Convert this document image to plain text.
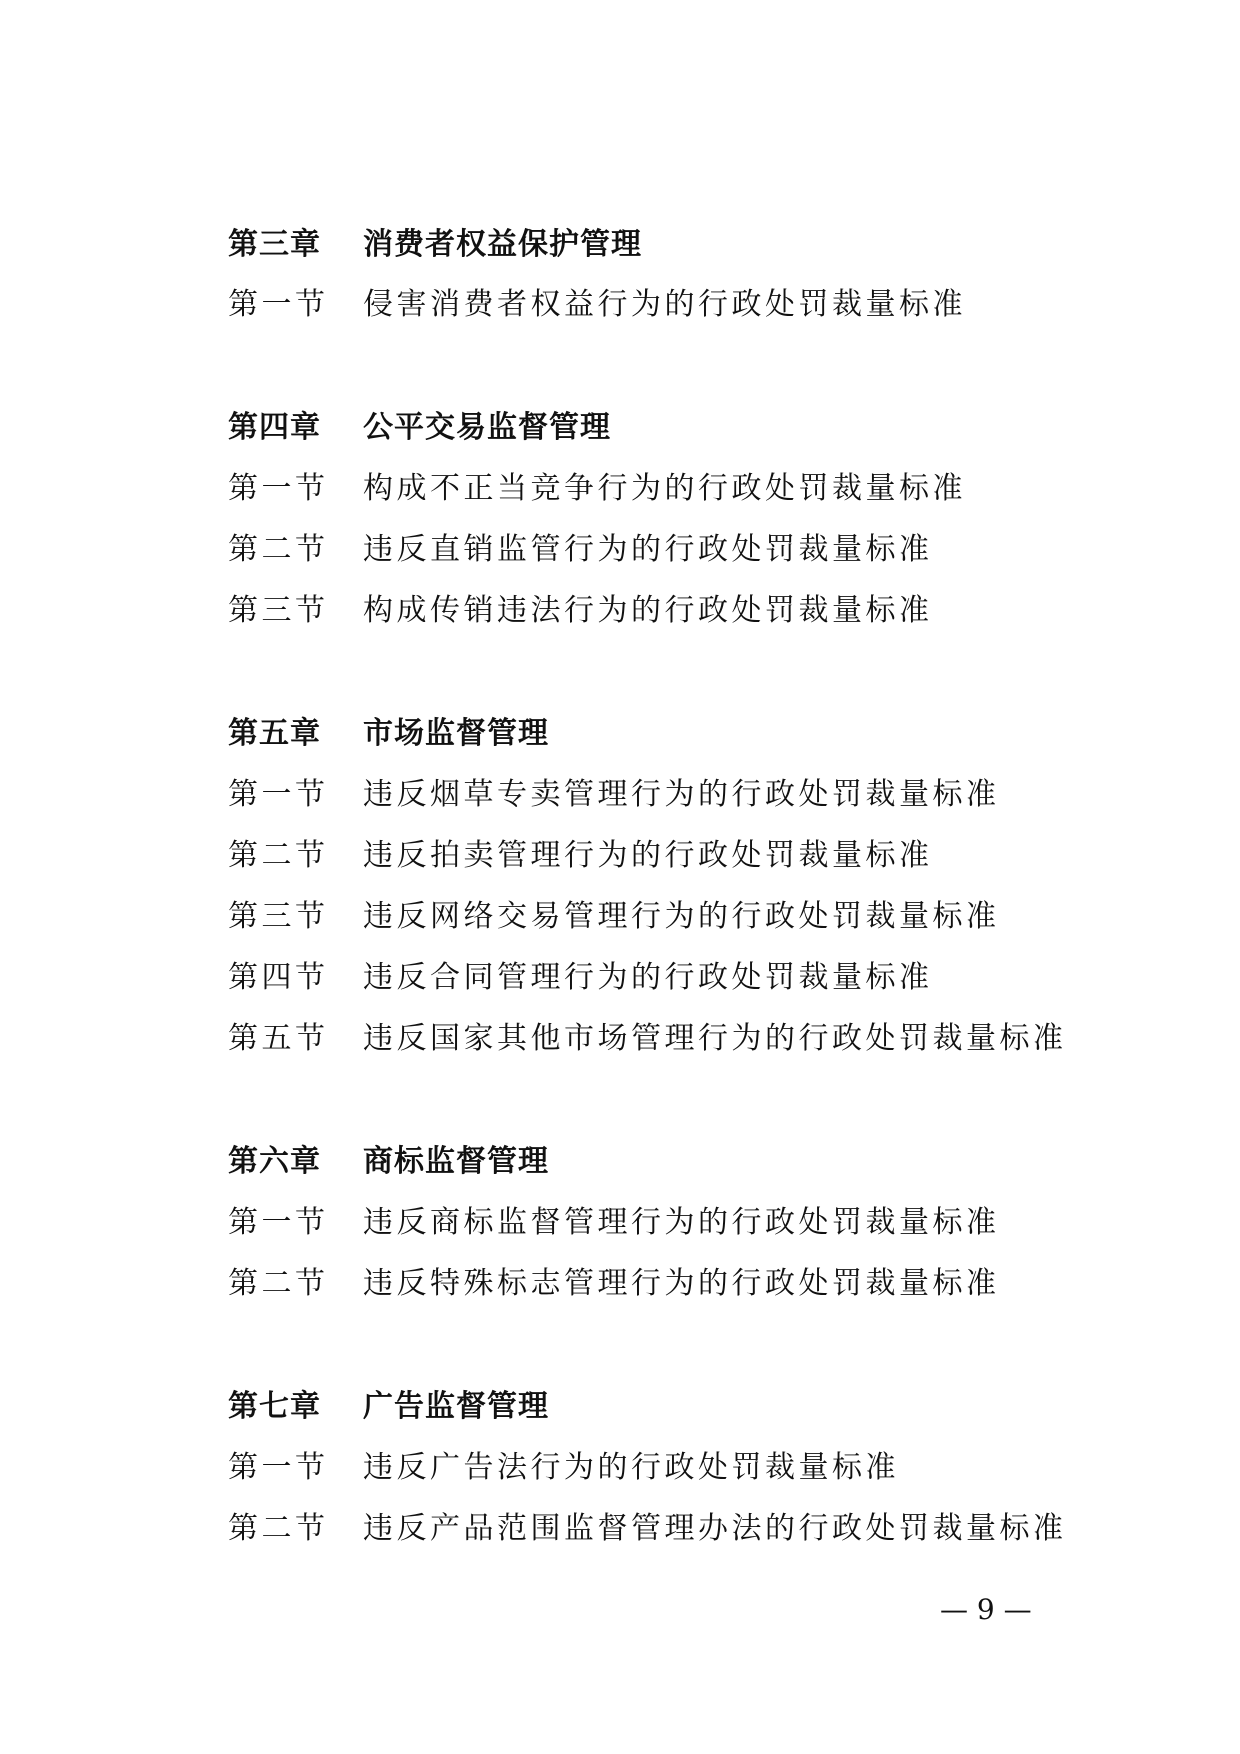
第三章 消费者权益保护管理
第一节 侵害消费者权益行为的行政处罚裁量标准
第四章 公平交易监督管理
第一节 构成不正当竞争行为的行政处罚裁量标准
第二节 违反直销监管行为的行政处罚裁量标准
第三节 构成传销违法行为的行政处罚裁量标准
第五章 市场监督管理
第一节 违反烟草专卖管理行为的行政处罚裁量标准
第二节 违反拍卖管理行为的行政处罚裁量标准
第三节 违反网络交易管理行为的行政处罚裁量标准
第四节 违反合同管理行为的行政处罚裁量标准
第五节 违反国家其他市场管理行为的行政处罚裁量标准
第六章 商标监督管理
第一节 违反商标监督管理行为的行政处罚裁量标准
第二节 违反特殊标志管理行为的行政处罚裁量标准
第七章 广告监督管理
第一节 违反广告法行为的行政处罚裁量标准
第二节 违反产品范围监督管理办法的行政处罚裁量标准
— 9 —
